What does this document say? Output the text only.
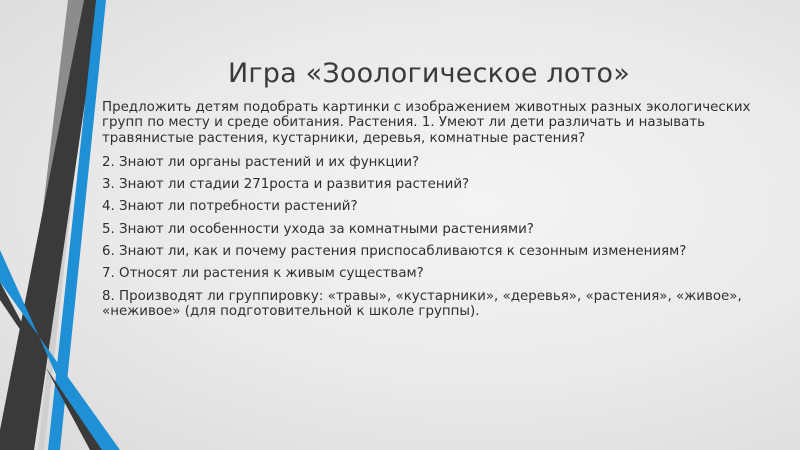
Игра «Зоологическое лото»

Предложить детям подобрать картинки с изображением животных разных экологических групп по месту и среде обитания. Растения. 1. Умеют ли дети различать и называть травянистые растения, кустарники, деревья, комнатные растения?

2. Знают ли органы растений и их функции?

3. Знают ли стадии 271роста и развития растений?

4. Знают ли потребности растений?

5. Знают ли особенности ухода за комнатными растениями?

6. Знают ли, как и почему растения приспосабливаются к сезонным изменениям?

7. Относят ли растения к живым существам?

8. Производят ли группировку: «травы», «кустарники», «деревья», «растения», «живое», «неживое» (для подготовительной к школе группы).
